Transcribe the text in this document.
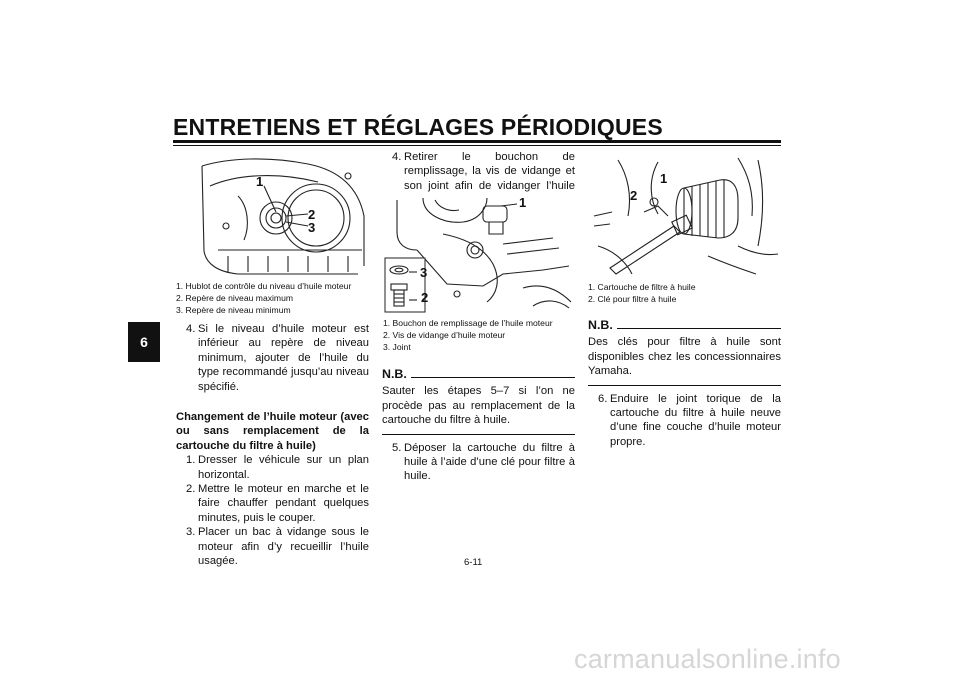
ENTRETIENS ET RÉGLAGES PÉRIODIQUES
6
1
2
3
1. Hublot de contrôle du niveau d’huile moteur
2. Repère de niveau maximum
3. Repère de niveau minimum
4. Si le niveau d’huile moteur est inférieur au repère de niveau minimum, ajouter de l’huile du type recommandé jusqu’au niveau spécifié.

Changement de l’huile moteur (avec ou sans remplacement de la cartouche du filtre à huile)

1. Dresser le véhicule sur un plan horizontal.
2. Mettre le moteur en marche et le faire chauffer pendant quelques minutes, puis le couper.
3. Placer un bac à vidange sous le moteur afin d’y recueillir l’huile usagée.
4. Retirer le bouchon de remplissage, la vis de vidange et son joint afin de vidanger l’huile
1
2
3
1. Bouchon de remplissage de l’huile moteur
2. Vis de vidange d’huile moteur
3. Joint
N.B.

Sauter les étapes 5–7 si l’on ne procède pas au remplacement de la cartouche du filtre à huile.

5. Déposer la cartouche du filtre à huile à l’aide d’une clé pour filtre à huile.
1
2
1. Cartouche de filtre à huile
2. Clé pour filtre à huile
N.B.

Des clés pour filtre à huile sont disponibles chez les concessionnaires Yamaha.

6. Enduire le joint torique de la cartouche du filtre à huile neuve d’une fine couche d’huile moteur propre.
6-11
carmanualsonline.info
